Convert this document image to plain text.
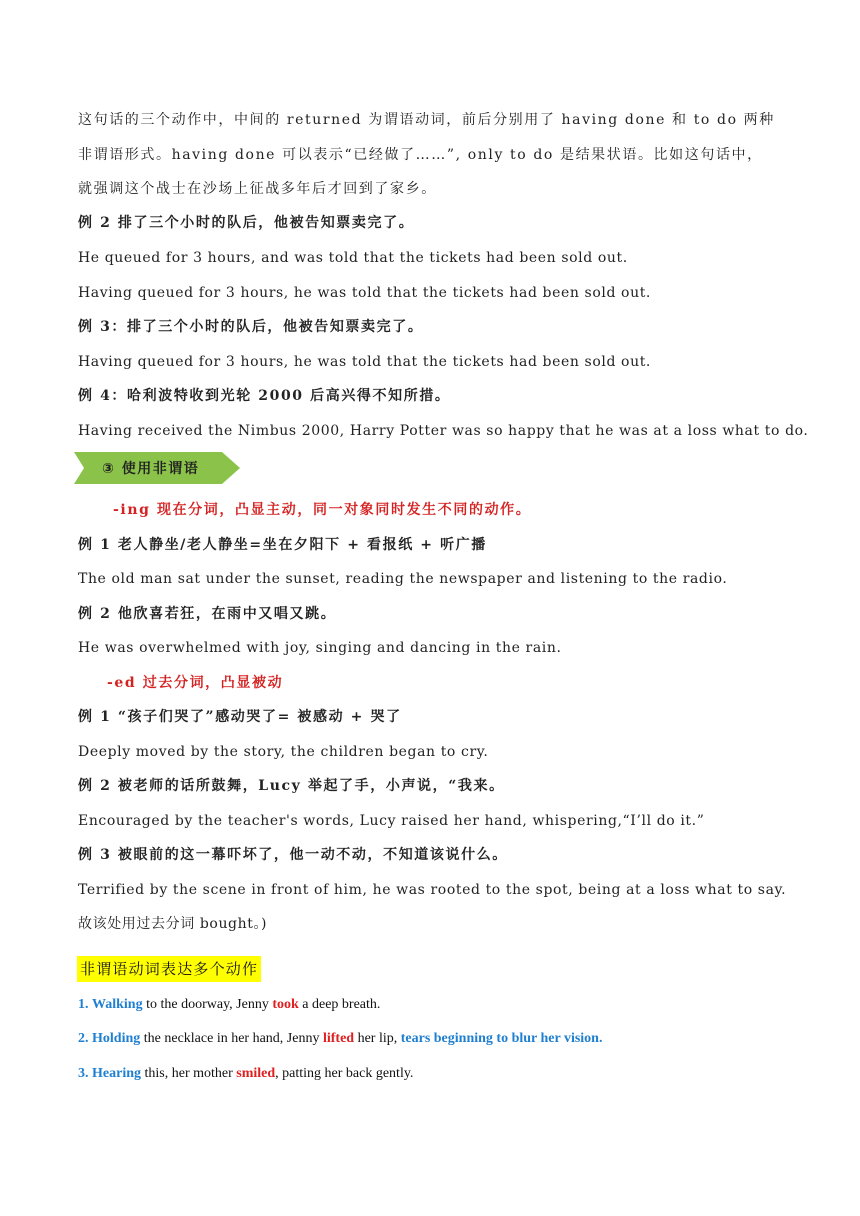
这句话的三个动作中，中间的 returned 为谓语动词，前后分别用了 having done 和 to do 两种
非谓语形式。having done 可以表示“已经做了……”, only to do 是结果状语。比如这句话中，
就强调这个战士在沙场上征战多年后才回到了家乡。
例 2 排了三个小时的队后，他被告知票卖完了。
He queued for 3 hours, and was told that the tickets had been sold out.
Having queued for 3 hours, he was told that the tickets had been sold out.
例 3：排了三个小时的队后，他被告知票卖完了。
Having queued for 3 hours, he was told that the tickets had been sold out.
例 4：哈利波特收到光轮 2000 后高兴得不知所措。
Having received the Nimbus 2000, Harry Potter was so happy that he was at a loss what to do.
③ 使用非谓语
-ing 现在分词，凸显主动，同一对象同时发生不同的动作。
例 1 老人静坐/老人静坐=坐在夕阳下 + 看报纸 + 听广播
The old man sat under the sunset, reading the newspaper and listening to the radio.
例 2 他欣喜若狂，在雨中又唱又跳。
He was overwhelmed with joy, singing and dancing in the rain.
-ed 过去分词，凸显被动
例 1 “孩子们哭了”感动哭了= 被感动 + 哭了
Deeply moved by the story, the children began to cry.
例 2 被老师的话所鼓舞，Lucy 举起了手，小声说，“我来。
Encouraged by the teacher's words, Lucy raised her hand, whispering,“I’ll do it.”
例 3 被眼前的这一幕吓坏了，他一动不动，不知道该说什么。
Terrified by the scene in front of him, he was rooted to the spot, being at a loss what to say.
故该处用过去分词 bought。)
非谓语动词表达多个动作
1. Walking to the doorway, Jenny took a deep breath.
2. Holding the necklace in her hand, Jenny lifted her lip, tears beginning to blur her vision.
3. Hearing this, her mother smiled, patting her back gently.
